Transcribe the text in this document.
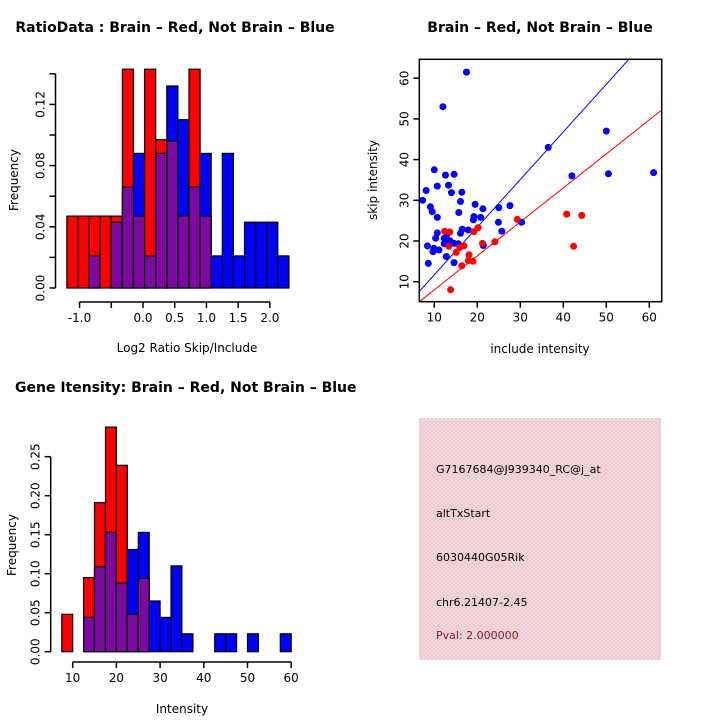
RatioData : Brain – Red, Not Brain – Blue
-1.0	0.0 0.5 1.0 1.5 2.0
0.00
0.04
0.08
0.12
Log2 Ratio Skip/Include
Frequency
Brain – Red, Not Brain – Blue
10 20 30 40 50 60
10
20
30
40
50
60
include intensity
skip intensity
Gene Itensity: Brain – Red, Not Brain – Blue
10 20 30 40 50 60
0.00
0.05
0.10
0.15
0.20
0.25
Intensity
Frequency
G7167684@J939340_RC@j_at
altTxStart
6030440G05Rik
chr6.21407-2.45
Pval: 2.000000
